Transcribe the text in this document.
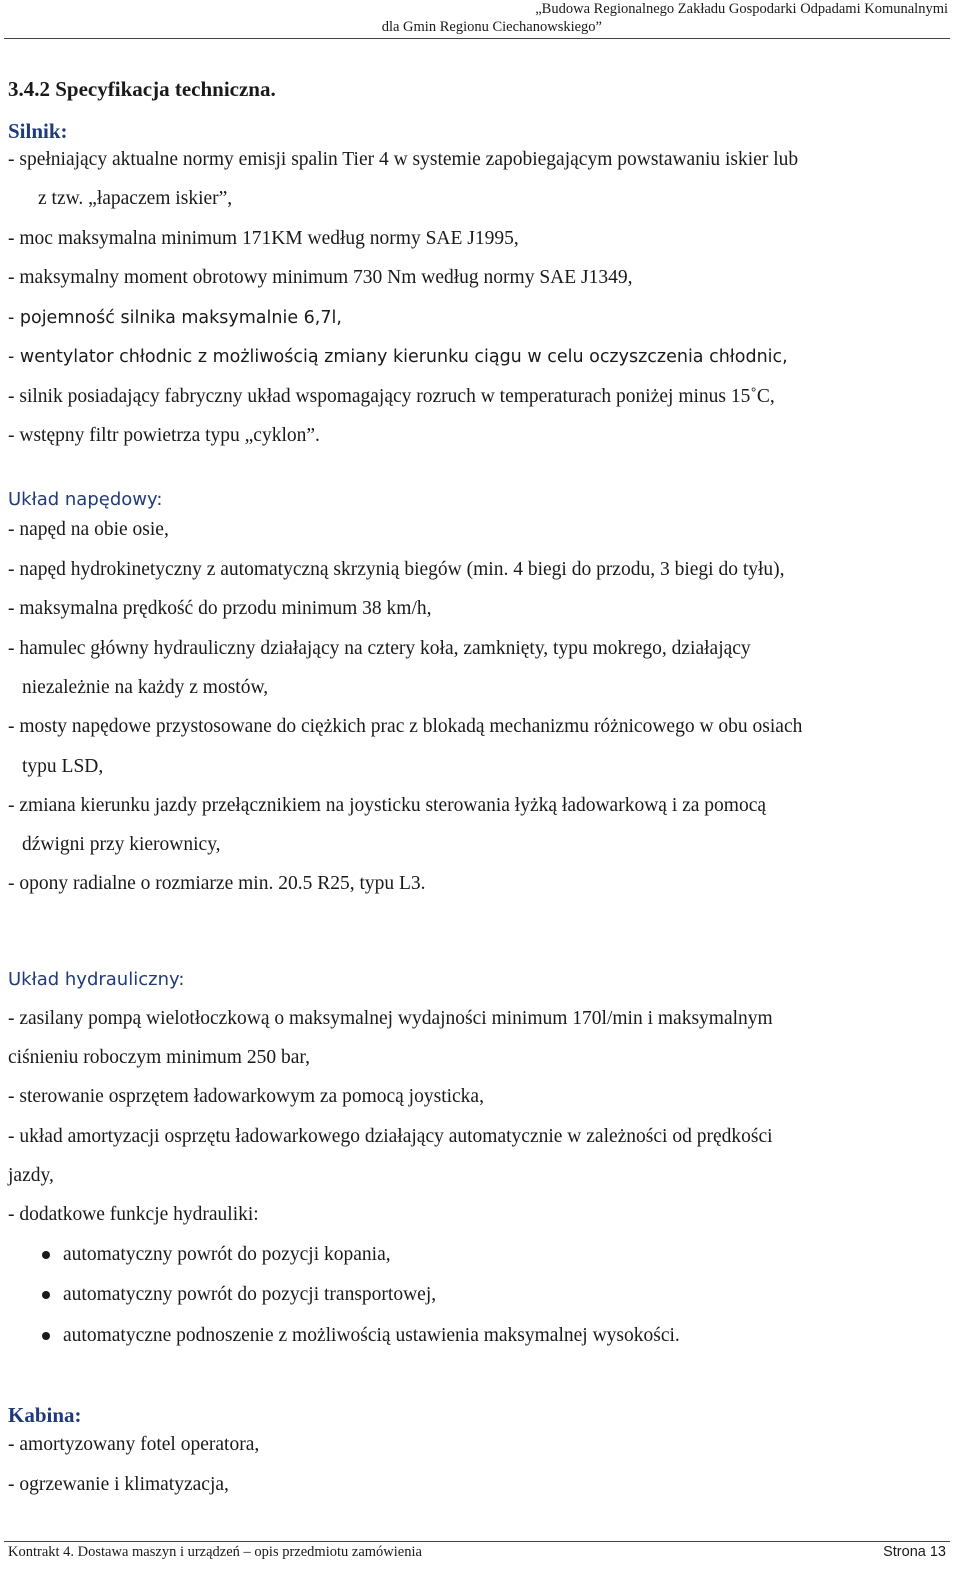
„Budowa Regionalnego Zakładu Gospodarki Odpadami Komunalnymi
dla Gmin Regionu Ciechanowskiego”
3.4.2 Specyfikacja techniczna.
Silnik:
- spełniający aktualne normy emisji spalin Tier 4 w systemie zapobiegającym powstawaniu iskier lub
z tzw. „łapaczem iskier”,
- moc maksymalna minimum 171KM według normy SAE J1995,
- maksymalny moment obrotowy minimum 730 Nm według normy SAE J1349,
- pojemność silnika maksymalnie 6,7l,
- wentylator chłodnic z możliwością zmiany kierunku ciągu w celu oczyszczenia chłodnic,
- silnik posiadający fabryczny układ wspomagający rozruch w temperaturach poniżej minus 15˚C,
- wstępny filtr powietrza typu „cyklon”.
Układ napędowy:
- napęd na obie osie,
- napęd hydrokinetyczny z automatyczną skrzynią biegów (min. 4 biegi do przodu, 3 biegi do tyłu),
- maksymalna prędkość do przodu minimum 38 km/h,
- hamulec główny hydrauliczny działający na cztery koła, zamknięty, typu mokrego, działający
niezależnie na każdy z mostów,
- mosty napędowe przystosowane do ciężkich prac z blokadą mechanizmu różnicowego w obu osiach
typu LSD,
- zmiana kierunku jazdy przełącznikiem na joysticku sterowania łyżką ładowarkową i za pomocą
dźwigni przy kierownicy,
- opony radialne o rozmiarze min. 20.5 R25, typu L3.
Układ hydrauliczny:
- zasilany pompą wielotłoczkową o maksymalnej wydajności minimum 170l/min i maksymalnym
ciśnieniu roboczym minimum 250 bar,
- sterowanie osprzętem ładowarkowym za pomocą joysticka,
- układ amortyzacji osprzętu ładowarkowego działający automatycznie w zależności od prędkości
jazdy,
- dodatkowe funkcje hydrauliki:
automatyczny powrót do pozycji kopania,
automatyczny powrót do pozycji transportowej,
automatyczne podnoszenie z możliwością ustawienia maksymalnej wysokości.
Kabina:
- amortyzowany fotel operatora,
- ogrzewanie i klimatyzacja,
Kontrakt 4. Dostawa maszyn i urządzeń – opis przedmiotu zamówienia	Strona 13
